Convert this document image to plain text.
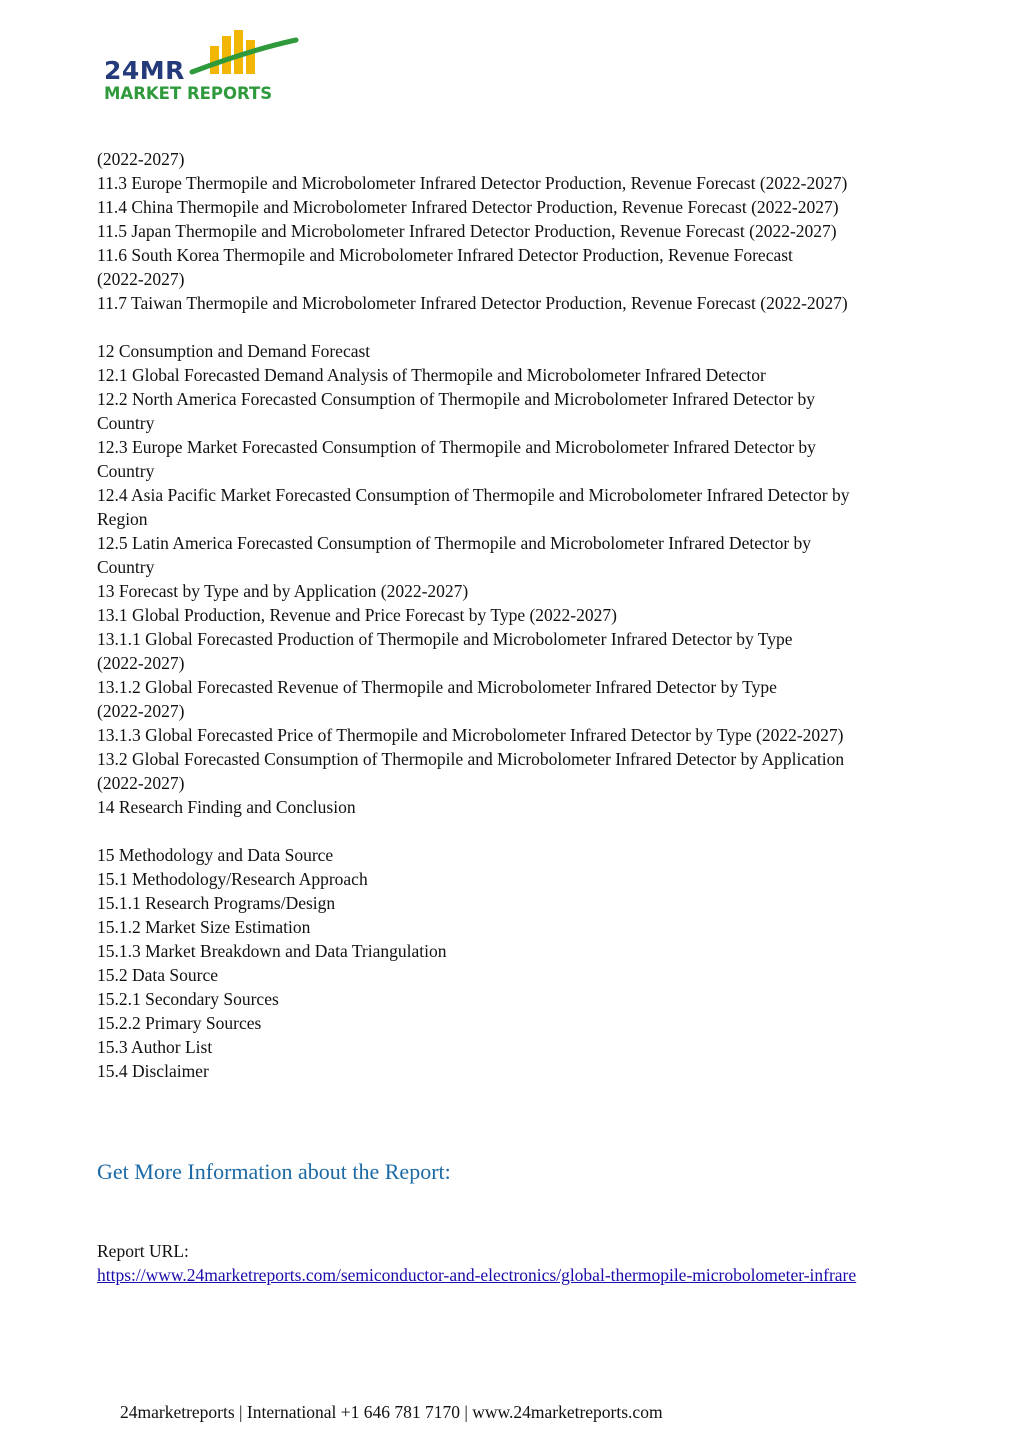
24MR
MARKET REPORTS
(2022-2027)
11.3 Europe Thermopile and Microbolometer Infrared Detector Production, Revenue Forecast (2022-2027)
11.4 China Thermopile and Microbolometer Infrared Detector Production, Revenue Forecast (2022-2027)
11.5 Japan Thermopile and Microbolometer Infrared Detector Production, Revenue Forecast (2022-2027)
11.6 South Korea Thermopile and Microbolometer Infrared Detector Production, Revenue Forecast
(2022-2027)
11.7 Taiwan Thermopile and Microbolometer Infrared Detector Production, Revenue Forecast (2022-2027)
12 Consumption and Demand Forecast
12.1 Global Forecasted Demand Analysis of Thermopile and Microbolometer Infrared Detector
12.2 North America Forecasted Consumption of Thermopile and Microbolometer Infrared Detector by
Country
12.3 Europe Market Forecasted Consumption of Thermopile and Microbolometer Infrared Detector by
Country
12.4 Asia Pacific Market Forecasted Consumption of Thermopile and Microbolometer Infrared Detector by
Region
12.5 Latin America Forecasted Consumption of Thermopile and Microbolometer Infrared Detector by
Country
13 Forecast by Type and by Application (2022-2027)
13.1 Global Production, Revenue and Price Forecast by Type (2022-2027)
13.1.1 Global Forecasted Production of Thermopile and Microbolometer Infrared Detector by Type
(2022-2027)
13.1.2 Global Forecasted Revenue of Thermopile and Microbolometer Infrared Detector by Type
(2022-2027)
13.1.3 Global Forecasted Price of Thermopile and Microbolometer Infrared Detector by Type (2022-2027)
13.2 Global Forecasted Consumption of Thermopile and Microbolometer Infrared Detector by Application
(2022-2027)
14 Research Finding and Conclusion
15 Methodology and Data Source
15.1 Methodology/Research Approach
15.1.1 Research Programs/Design
15.1.2 Market Size Estimation
15.1.3 Market Breakdown and Data Triangulation
15.2 Data Source
15.2.1 Secondary Sources
15.2.2 Primary Sources
15.3 Author List
15.4 Disclaimer
Get More Information about the Report:
Report URL:
https://www.24marketreports.com/semiconductor-and-electronics/global-thermopile-microbolometer-infrare
24marketreports | International +1 646 781 7170 | www.24marketreports.com
